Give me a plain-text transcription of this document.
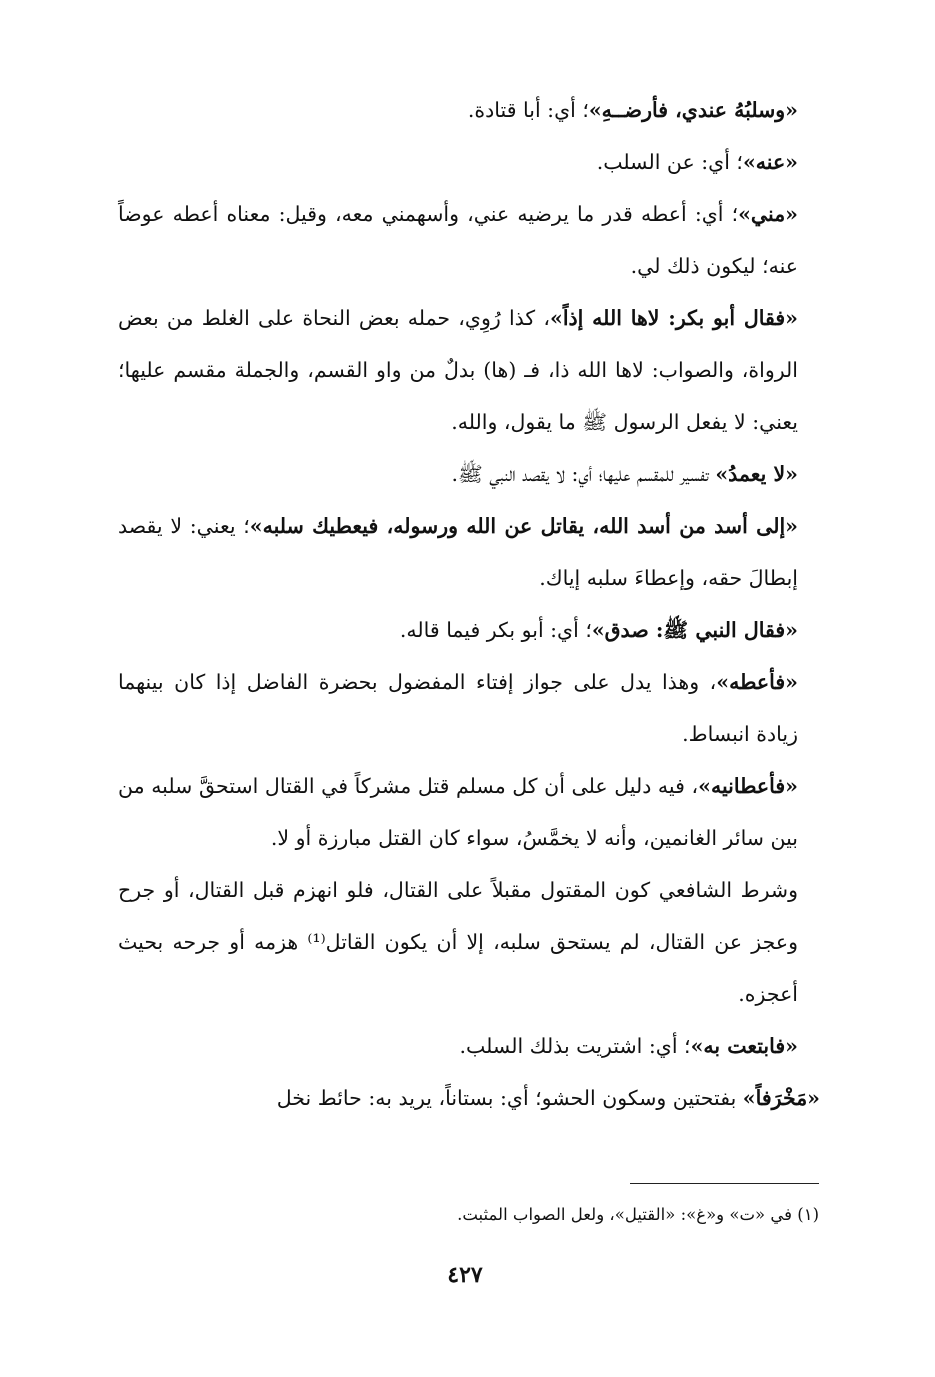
«وسلبُهُ عندي، فأرضــهِ»؛ أي: أبا قتادة.

«عنه»؛ أي: عن السلب.

«مني»؛ أي: أعطه قدر ما يرضيه عني، وأسهمني معه، وقيل: معناه أعطه عوضاً عنه؛ ليكون ذلك لي.

«فقال أبو بكر: لاها الله إذاً»، كذا رُوِي، حمله بعض النحاة على الغلط من بعض الرواة، والصواب: لاها الله ذا، فـ (ها) بدلٌ من واو القسم، والجملة مقسم عليها؛ يعني: لا يفعل الرسول ﷺ ما يقول، والله.

«لا يعمدُ» تفسير للمقسم عليها؛ أي: لا يقصد النبي ﷺ.

«إلى أسد من أسد الله، يقاتل عن الله ورسوله، فيعطيك سلبه»؛ يعني: لا يقصد إبطالَ حقه، وإعطاءَ سلبه إياك.

«فقال النبي ﷺ: صدق»؛ أي: أبو بكر فيما قاله.

«فأعطه»، وهذا يدل على جواز إفتاء المفضول بحضرة الفاضل إذا كان بينهما زيادة انبساط.

«فأعطانيه»، فيه دليل على أن كل مسلم قتل مشركاً في القتال استحقَّ سلبه من بين سائر الغانمين، وأنه لا يخمَّسُ، سواء كان القتل مبارزة أو لا.

وشرط الشافعي كون المقتول مقبلاً على القتال، فلو انهزم قبل القتال، أو جرح وعجز عن القتال، لم يستحق سلبه، إلا أن يكون القاتل⁽¹⁾ هزمه أو جرحه بحيث أعجزه.

«فابتعت به»؛ أي: اشتريت بذلك السلب.

«مَخْرَفاً» بفتحتين وسكون الحشو؛ أي: بستاناً، يريد به: حائط نخل

(١) في «ت» و«غ»: «القتيل»، ولعل الصواب المثبت.
٤٢٧
